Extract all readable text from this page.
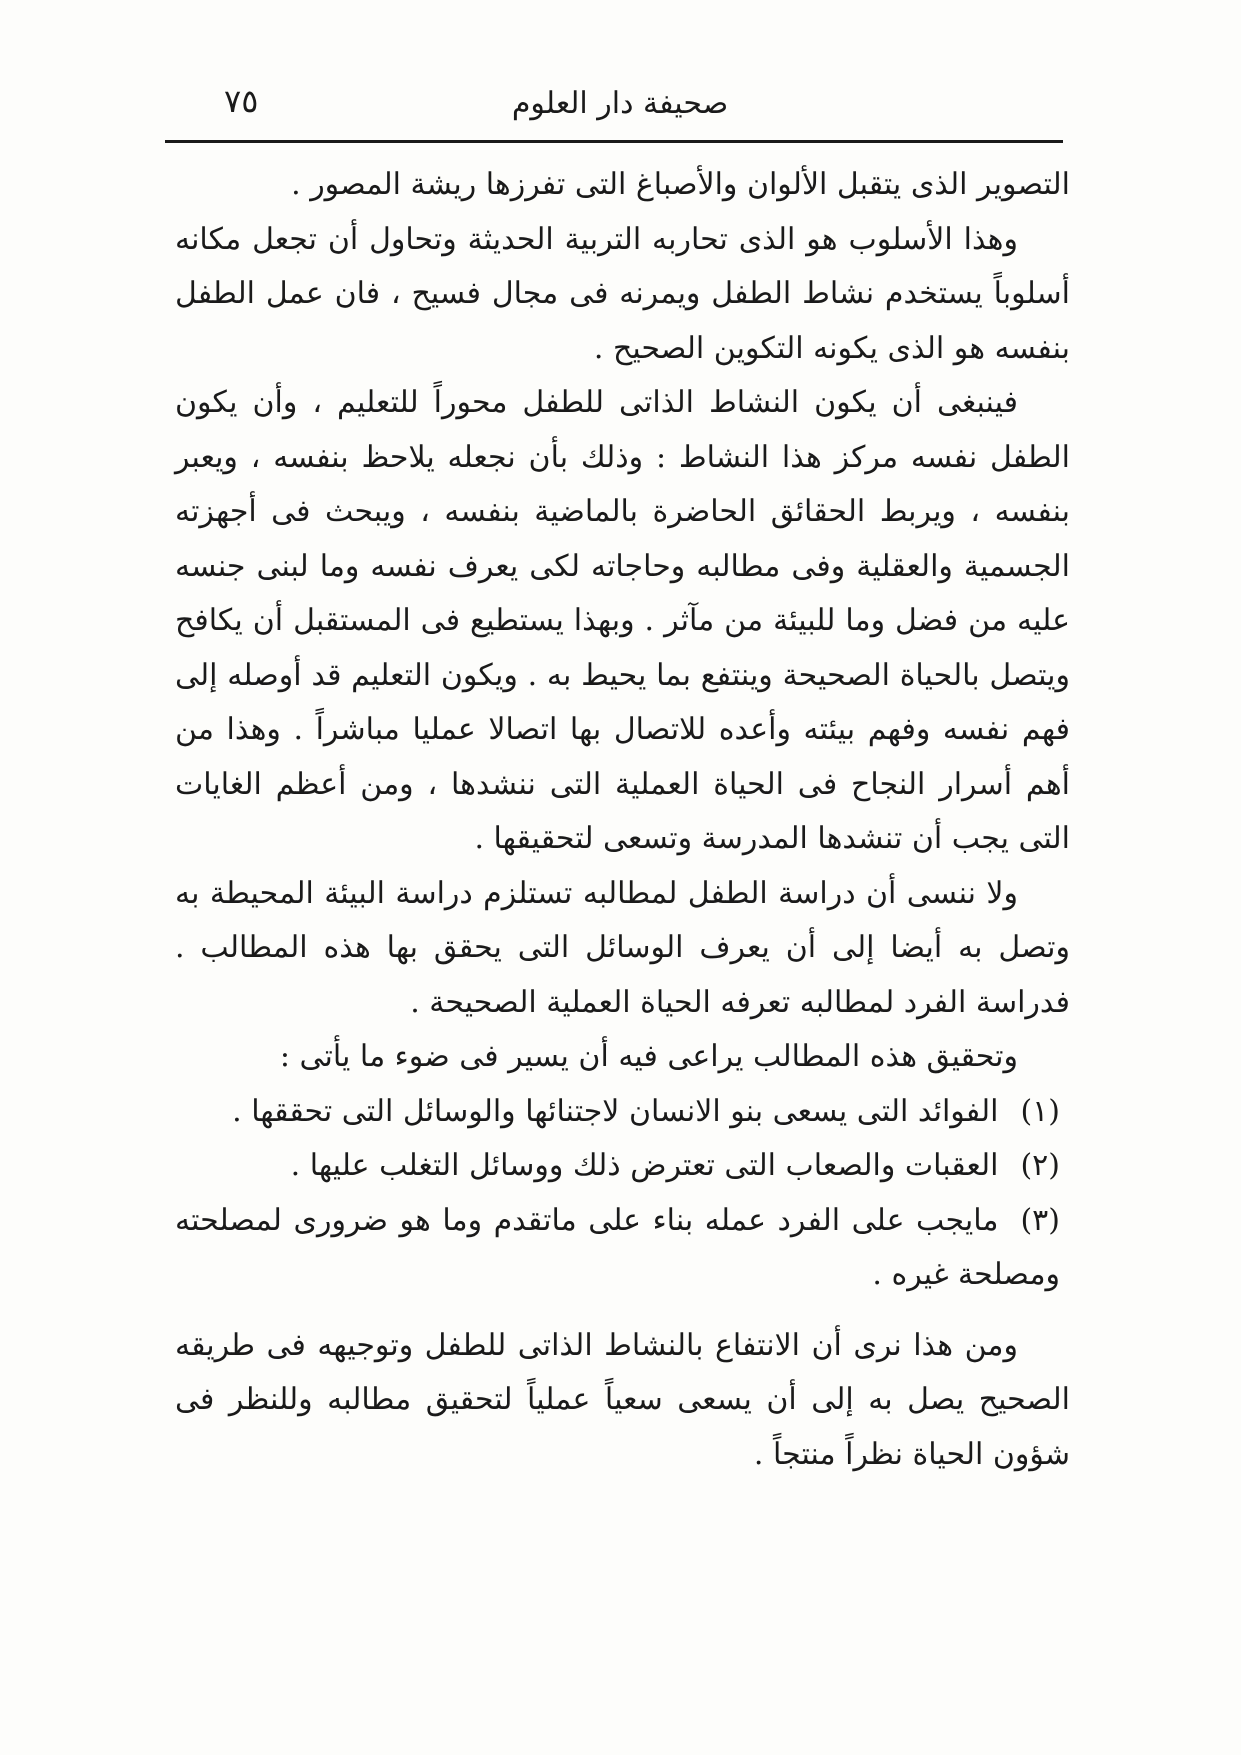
صحيفة دار العلوم
٧٥

التصوير الذى يتقبل الألوان والأصباغ التى تفرزها ريشة المصور .

وهذا الأسلوب هو الذى تحاربه التربية الحديثة وتحاول أن تجعل مكانه أسلوباً يستخدم نشاط الطفل ويمرنه فى مجال فسيح ، فان عمل الطفل بنفسه هو الذى يكونه التكوين الصحيح .

فينبغى أن يكون النشاط الذاتى للطفل محوراً للتعليم ، وأن يكون الطفل نفسه مركز هذا النشاط : وذلك بأن نجعله يلاحظ بنفسه ، ويعبر بنفسه ، ويربط الحقائق الحاضرة بالماضية بنفسه ، ويبحث فى أجهزته الجسمية والعقلية وفى مطالبه وحاجاته لكى يعرف نفسه وما لبنى جنسه عليه من فضل وما للبيئة من مآثر . وبهذا يستطيع فى المستقبل أن يكافح ويتصل بالحياة الصحيحة وينتفع بما يحيط به . ويكون التعليم قد أوصله إلى فهم نفسه وفهم بيئته وأعده للاتصال بها اتصالا عمليا مباشراً . وهذا من أهم أسرار النجاح فى الحياة العملية التى ننشدها ، ومن أعظم الغايات التى يجب أن تنشدها المدرسة وتسعى لتحقيقها .

ولا ننسى أن دراسة الطفل لمطالبه تستلزم دراسة البيئة المحيطة به وتصل به أيضا إلى أن يعرف الوسائل التى يحقق بها هذه المطالب . فدراسة الفرد لمطالبه تعرفه الحياة العملية الصحيحة .

وتحقيق هذه المطالب يراعى فيه أن يسير فى ضوء ما يأتى :

(١)الفوائد التى يسعى بنو الانسان لاجتنائها والوسائل التى تحققها .

(٢)العقبات والصعاب التى تعترض ذلك ووسائل التغلب عليها .

(٣)مايجب على الفرد عمله بناء على ماتقدم وما هو ضرورى لمصلحته ومصلحة غيره .

ومن هذا نرى أن الانتفاع بالنشاط الذاتى للطفل وتوجيهه فى طريقه الصحيح يصل به إلى أن يسعى سعياً عملياً لتحقيق مطالبه وللنظر فى شؤون الحياة نظراً منتجاً .
